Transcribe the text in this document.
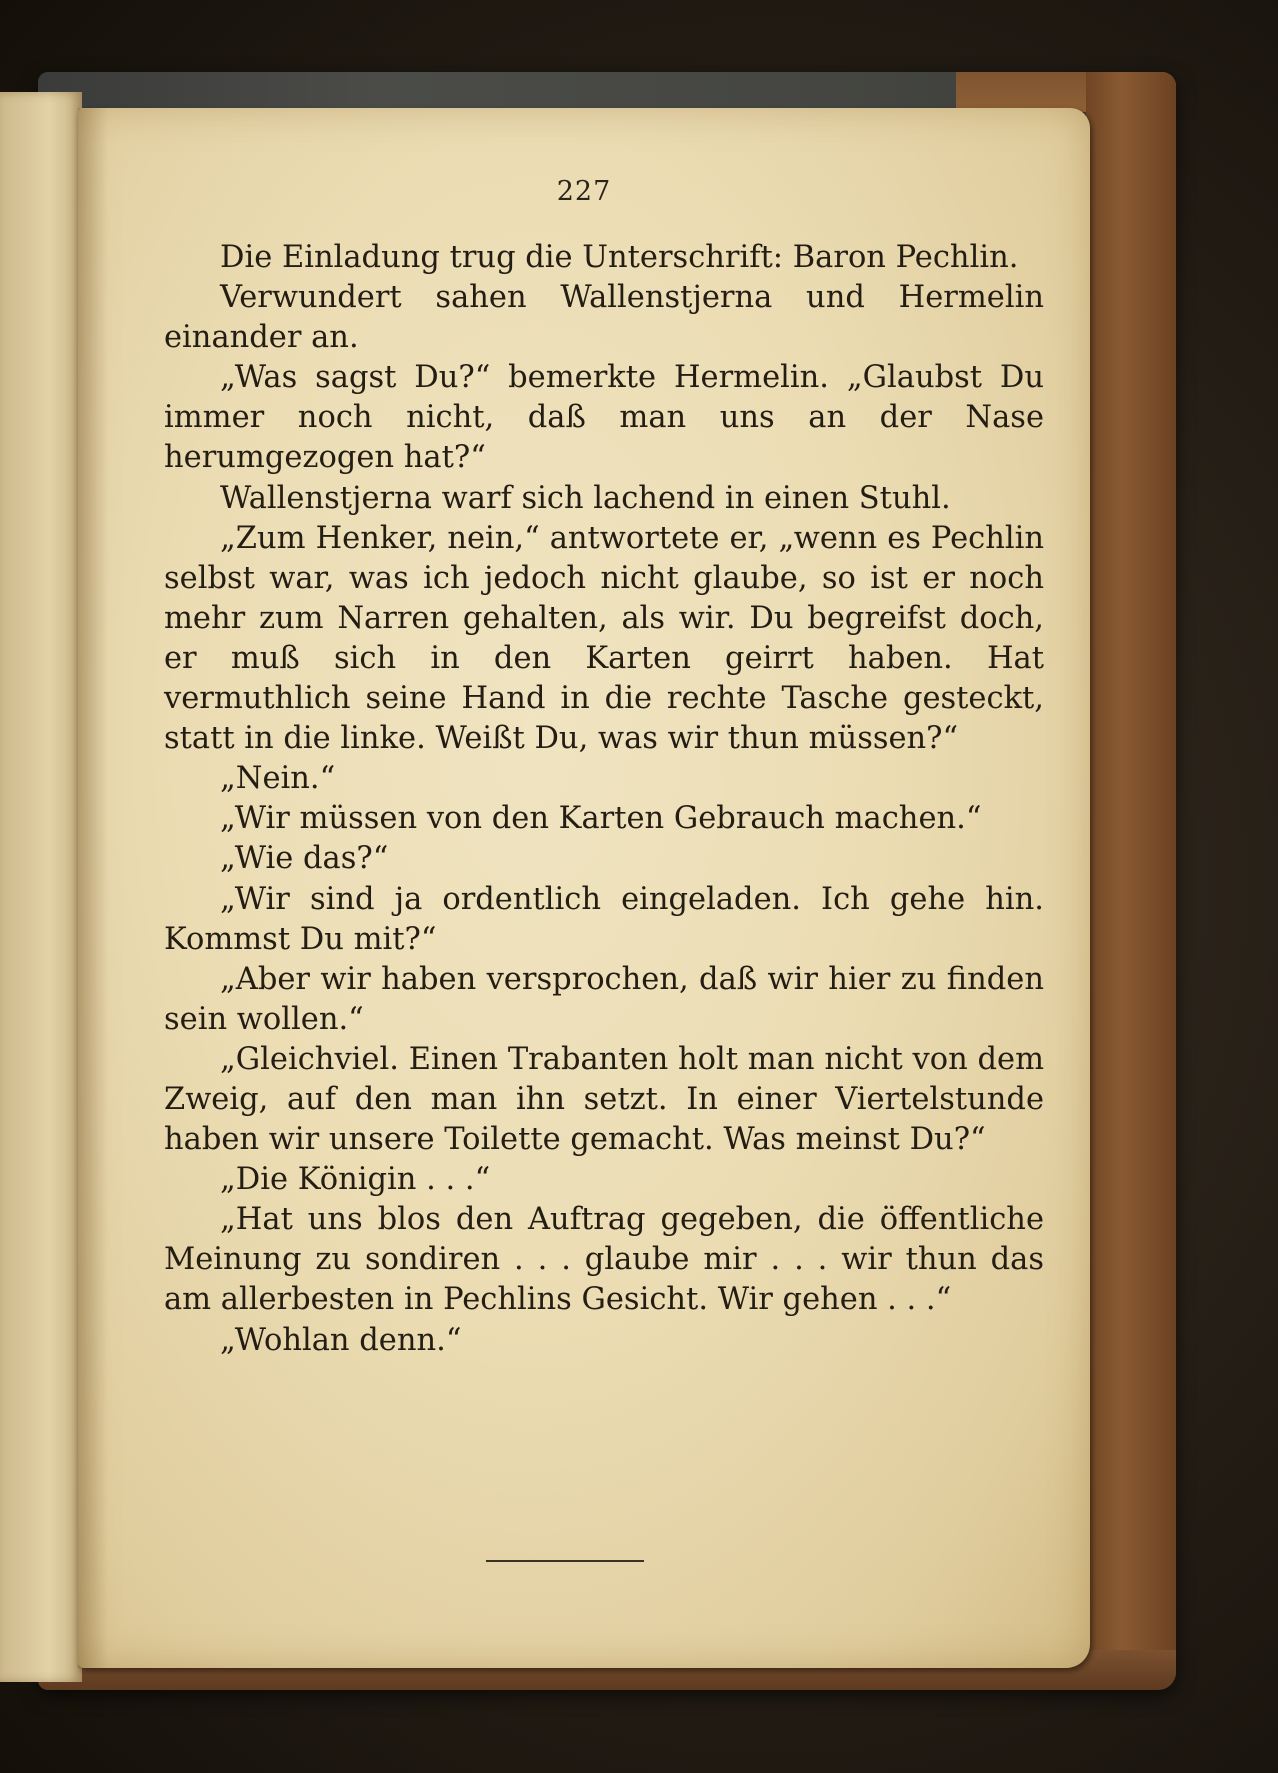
227

Die Einladung trug die Unterschrift: Baron Pechlin.

Verwundert sahen Wallenstjerna und Hermelin einander an.

„Was sagst Du?“ bemerkte Hermelin. „Glaubst Du immer noch nicht, daß man uns an der Nase herumgezogen hat?“

Wallenstjerna warf sich lachend in einen Stuhl.

„Zum Henker, nein,“ antwortete er, „wenn es Pechlin selbst war, was ich jedoch nicht glaube, so ist er noch mehr zum Narren gehalten, als wir. Du begreifst doch, er muß sich in den Karten geirrt haben. Hat vermuthlich seine Hand in die rechte Tasche gesteckt, statt in die linke. Weißt Du, was wir thun müssen?“

„Nein.“

„Wir müssen von den Karten Gebrauch machen.“

„Wie das?“

„Wir sind ja ordentlich eingeladen. Ich gehe hin. Kommst Du mit?“

„Aber wir haben versprochen, daß wir hier zu finden sein wollen.“

„Gleichviel. Einen Trabanten holt man nicht von dem Zweig, auf den man ihn setzt. In einer Viertelstunde haben wir unsere Toilette gemacht. Was meinst Du?“

„Die Königin . . .“

„Hat uns blos den Auftrag gegeben, die öffentliche Meinung zu sondiren . . . glaube mir . . . wir thun das am allerbesten in Pechlins Gesicht. Wir gehen . . .“

„Wohlan denn.“
